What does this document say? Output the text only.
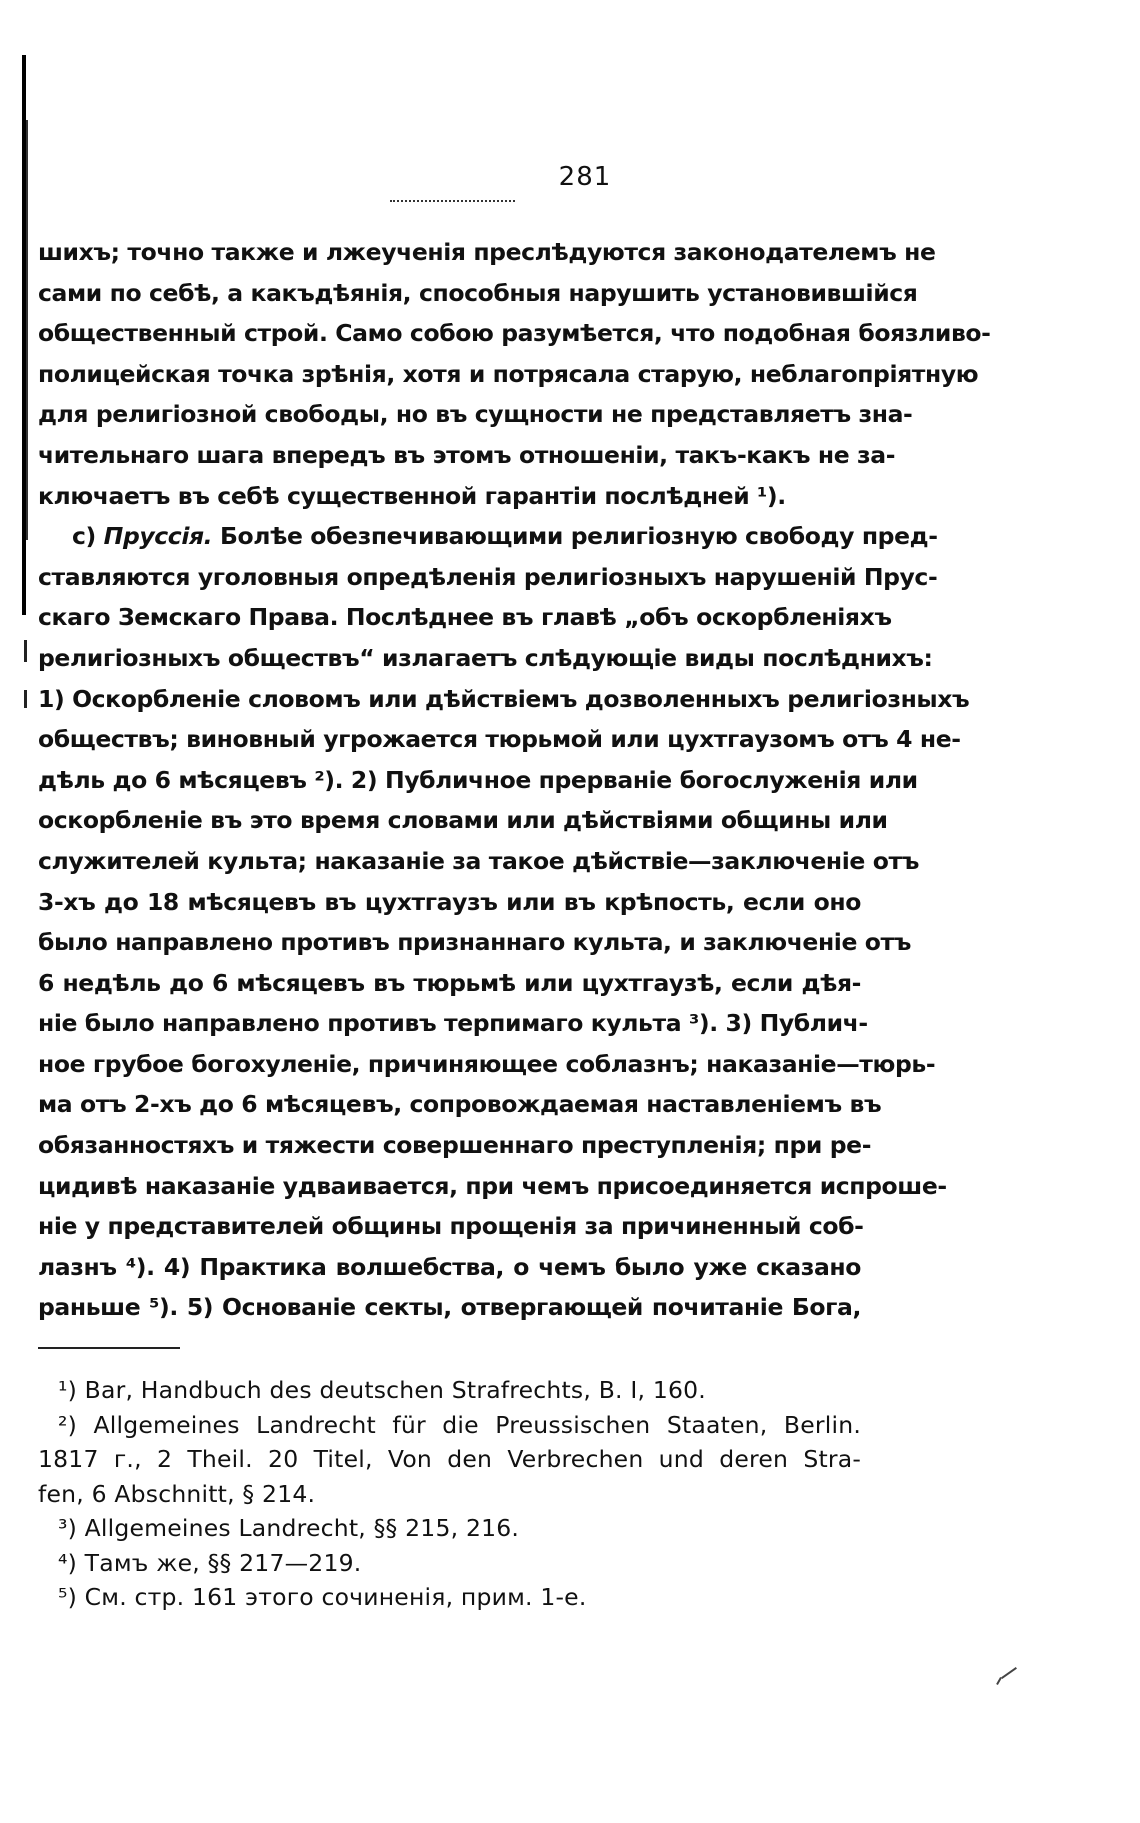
281
шихъ; точно также и лжеученія преслѣдуются законодателемъ не
сами по себѣ, а какъдѣянія, способныя нарушить установившійся
общественный строй. Само собою разумѣется, что подобная боязливо-
полицейская точка зрѣнія, хотя и потрясала старую, неблагопріятную
для религіозной свободы, но въ сущности не представляетъ зна-
чительнаго шага впередъ въ этомъ отношеніи, такъ-какъ не за-
ключаетъ въ себѣ существенной гарантіи послѣдней ¹).
c) Пруссія. Болѣе обезпечивающими религіозную свободу пред-
ставляются уголовныя опредѣленія религіозныхъ нарушеній Прус-
скаго Земскаго Права. Послѣднее въ главѣ „объ оскорбленіяхъ
религіозныхъ обществъ“ излагаетъ слѣдующіе виды послѣднихъ:
1) Оскорбленіе словомъ или дѣйствіемъ дозволенныхъ религіозныхъ
обществъ; виновный угрожается тюрьмой или цухтгаузомъ отъ 4 не-
дѣль до 6 мѣсяцевъ ²). 2) Публичное прерваніе богослуженія или
оскорбленіе въ это время словами или дѣйствіями общины или
служителей культа; наказаніе за такое дѣйствіе—заключеніе отъ
3-хъ до 18 мѣсяцевъ въ цухтгаузъ или въ крѣпость, если оно
было направлено противъ признаннаго культа, и заключеніе отъ
6 недѣль до 6 мѣсяцевъ въ тюрьмѣ или цухтгаузѣ, если дѣя-
ніе было направлено противъ терпимаго культа ³). 3) Публич-
ное грубое богохуленіе, причиняющее соблазнъ; наказаніе—тюрь-
ма отъ 2-хъ до 6 мѣсяцевъ, сопровождаемая наставленіемъ въ
обязанностяхъ и тяжести совершеннаго преступленія; при ре-
цидивѣ наказаніе удваивается, при чемъ присоединяется испроше-
ніе у представителей общины прощенія за причиненный соб-
лазнъ ⁴). 4) Практика волшебства, о чемъ было уже сказано
раньше ⁵). 5) Основаніе секты, отвергающей почитаніе Бога,
¹) Bar, Handbuch des deutschen Strafrechts, B. I, 160.
²) Allgemeines Landrecht für die Preussischen Staaten, Berlin.
1817 г., 2 Theil. 20 Titel, Von den Verbrechen und deren Stra-
fen, 6 Abschnitt, § 214.
³) Allgemeines Landrecht, §§ 215, 216.
⁴) Тамъ же, §§ 217—219.
⁵) См. стр. 161 этого сочиненія, прим. 1-е.
